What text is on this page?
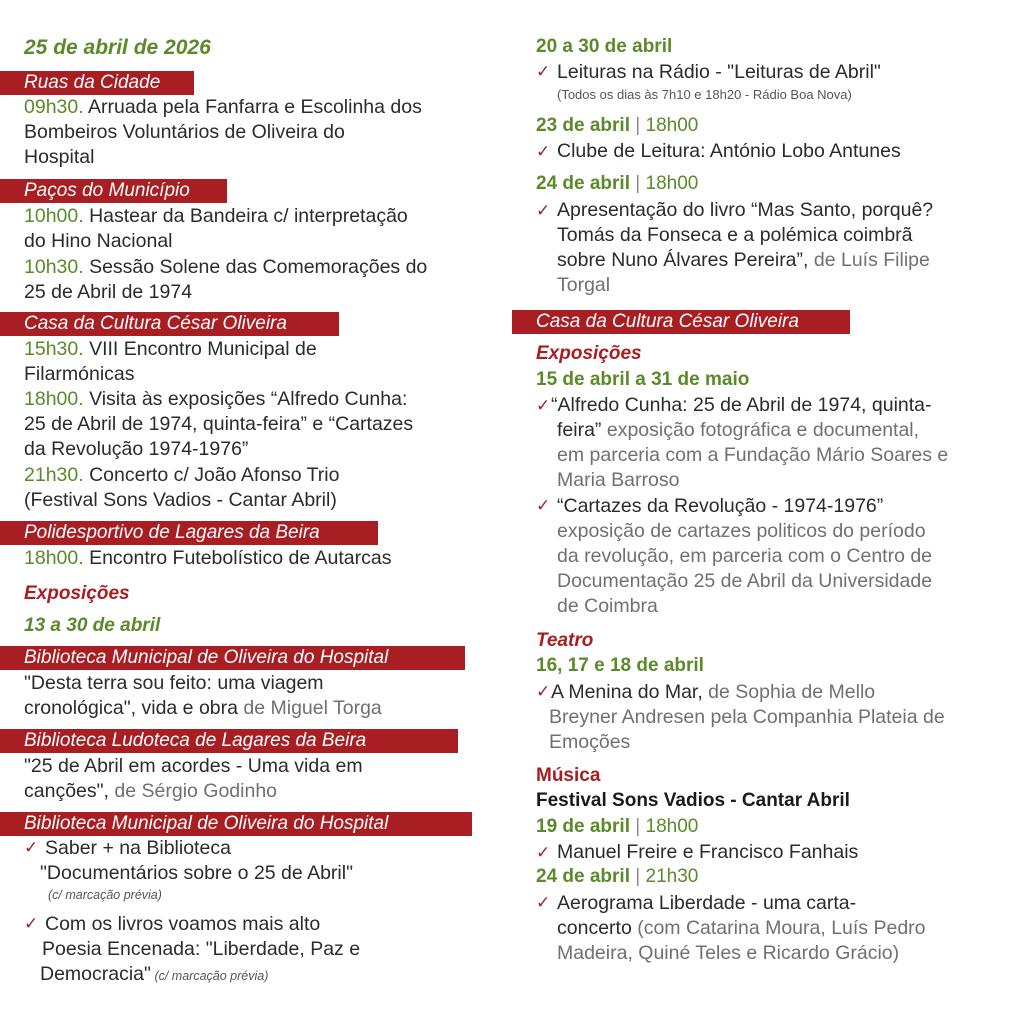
25 de abril de 2026
Ruas da Cidade
09h30. Arruada pela Fanfarra e Escolinha dos
Bombeiros Voluntários de Oliveira do
Hospital
Paços do Município
10h00. Hastear da Bandeira c/ interpretação
do Hino Nacional
10h30. Sessão Solene das Comemorações do
25 de Abril de 1974
Casa da Cultura César Oliveira
15h30. VIII Encontro Municipal de
Filarmónicas
18h00. Visita às exposições “Alfredo Cunha:
25 de Abril de 1974, quinta-feira” e “Cartazes
da Revolução 1974-1976”
21h30. Concerto c/ João Afonso Trio
(Festival Sons Vadios - Cantar Abril)
Polidesportivo de Lagares da Beira
18h00. Encontro Futebolístico de Autarcas
Exposições
13 a 30 de abril
Biblioteca Municipal de Oliveira do Hospital
"Desta terra sou feito: uma viagem
cronológica", vida e obra de Miguel Torga
Biblioteca Ludoteca de Lagares da Beira
"25 de Abril em acordes - Uma vida em
canções", de Sérgio Godinho
Biblioteca Municipal de Oliveira do Hospital
✓ Saber + na Biblioteca
"Documentários sobre o 25 de Abril"
(c/ marcação prévia)
✓ Com os livros voamos mais alto
Poesia Encenada: "Liberdade, Paz e
Democracia" (c/ marcação prévia)
20 a 30 de abril
✓ Leituras na Rádio - "Leituras de Abril"
(Todos os dias às 7h10 e 18h20 - Rádio Boa Nova)
23 de abril | 18h00
✓ Clube de Leitura: António Lobo Antunes
24 de abril | 18h00
✓ Apresentação do livro “Mas Santo, porquê?
Tomás da Fonseca e a polémica coimbrã
sobre Nuno Álvares Pereira”, de Luís Filipe
Torgal
Casa da Cultura César Oliveira
Exposições
15 de abril a 31 de maio
✓ “Alfredo Cunha: 25 de Abril de 1974, quinta-
feira” exposição fotográfica e documental,
em parceria com a Fundação Mário Soares e
Maria Barroso
✓ “Cartazes da Revolução - 1974-1976”
exposição de cartazes politicos do período
da revolução, em parceria com o Centro de
Documentação 25 de Abril da Universidade
de Coimbra
Teatro
16, 17 e 18 de abril
✓ A Menina do Mar, de Sophia de Mello
Breyner Andresen pela Companhia Plateia de
Emoções
Música
Festival Sons Vadios - Cantar Abril
19 de abril | 18h00
✓ Manuel Freire e Francisco Fanhais
24 de abril | 21h30
✓ Aerograma Liberdade - uma carta-
concerto (com Catarina Moura, Luís Pedro
Madeira, Quiné Teles e Ricardo Grácio)
